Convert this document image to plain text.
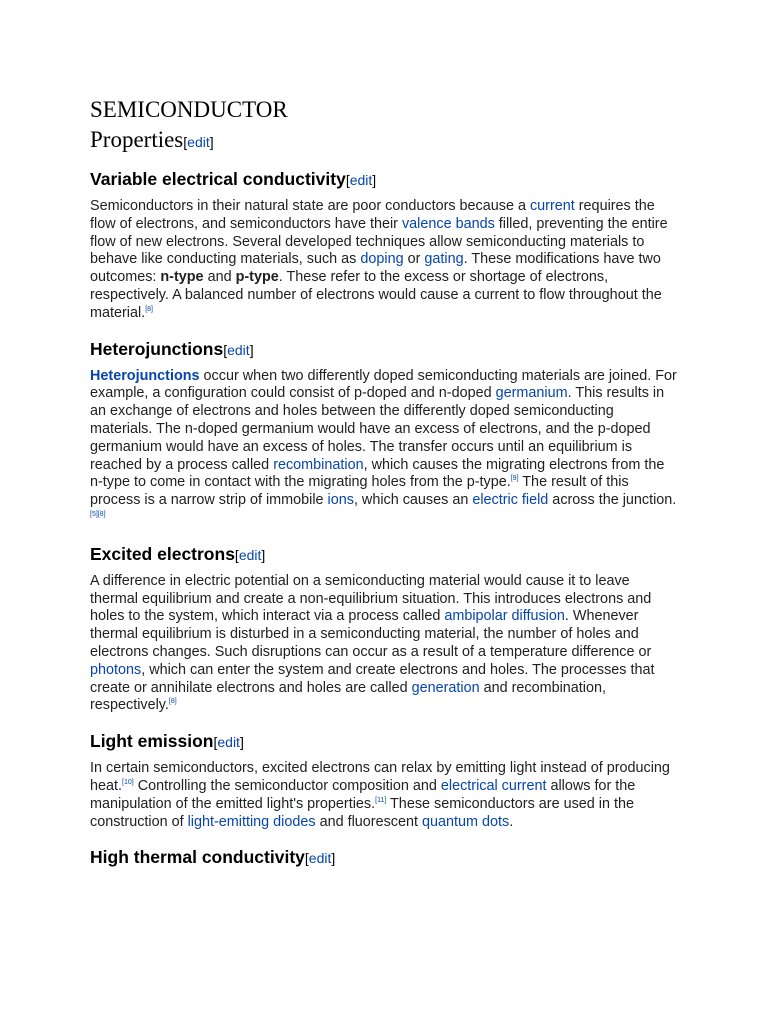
SEMICONDUCTOR
Properties[edit]
Variable electrical conductivity[edit]

Semiconductors in their natural state are poor conductors because a current requires the flow of electrons, and semiconductors have their valence bands filled, preventing the entire flow of new electrons. Several developed techniques allow semiconducting materials to behave like conducting materials, such as doping or gating. These modifications have two outcomes: n-type and p-type. These refer to the excess or shortage of electrons, respectively. A balanced number of electrons would cause a current to flow throughout the material.[8]

Heterojunctions[edit]

Heterojunctions occur when two differently doped semiconducting materials are joined. For example, a configuration could consist of p-doped and n-doped germanium. This results in an exchange of electrons and holes between the differently doped semiconducting materials. The n-doped germanium would have an excess of electrons, and the p-doped germanium would have an excess of holes. The transfer occurs until an equilibrium is reached by a process called recombination, which causes the migrating electrons from the n-type to come in contact with the migrating holes from the p-type.[9] The result of this process is a narrow strip of immobile ions, which causes an electric field across the junction.[5][8]

Excited electrons[edit]

A difference in electric potential on a semiconducting material would cause it to leave thermal equilibrium and create a non-equilibrium situation. This introduces electrons and holes to the system, which interact via a process called ambipolar diffusion. Whenever thermal equilibrium is disturbed in a semiconducting material, the number of holes and electrons changes. Such disruptions can occur as a result of a temperature difference or photons, which can enter the system and create electrons and holes. The processes that create or annihilate electrons and holes are called generation and recombination, respectively.[8]

Light emission[edit]

In certain semiconductors, excited electrons can relax by emitting light instead of producing heat.[10] Controlling the semiconductor composition and electrical current allows for the manipulation of the emitted light's properties.[11] These semiconductors are used in the construction of light-emitting diodes and fluorescent quantum dots.

High thermal conductivity[edit]
